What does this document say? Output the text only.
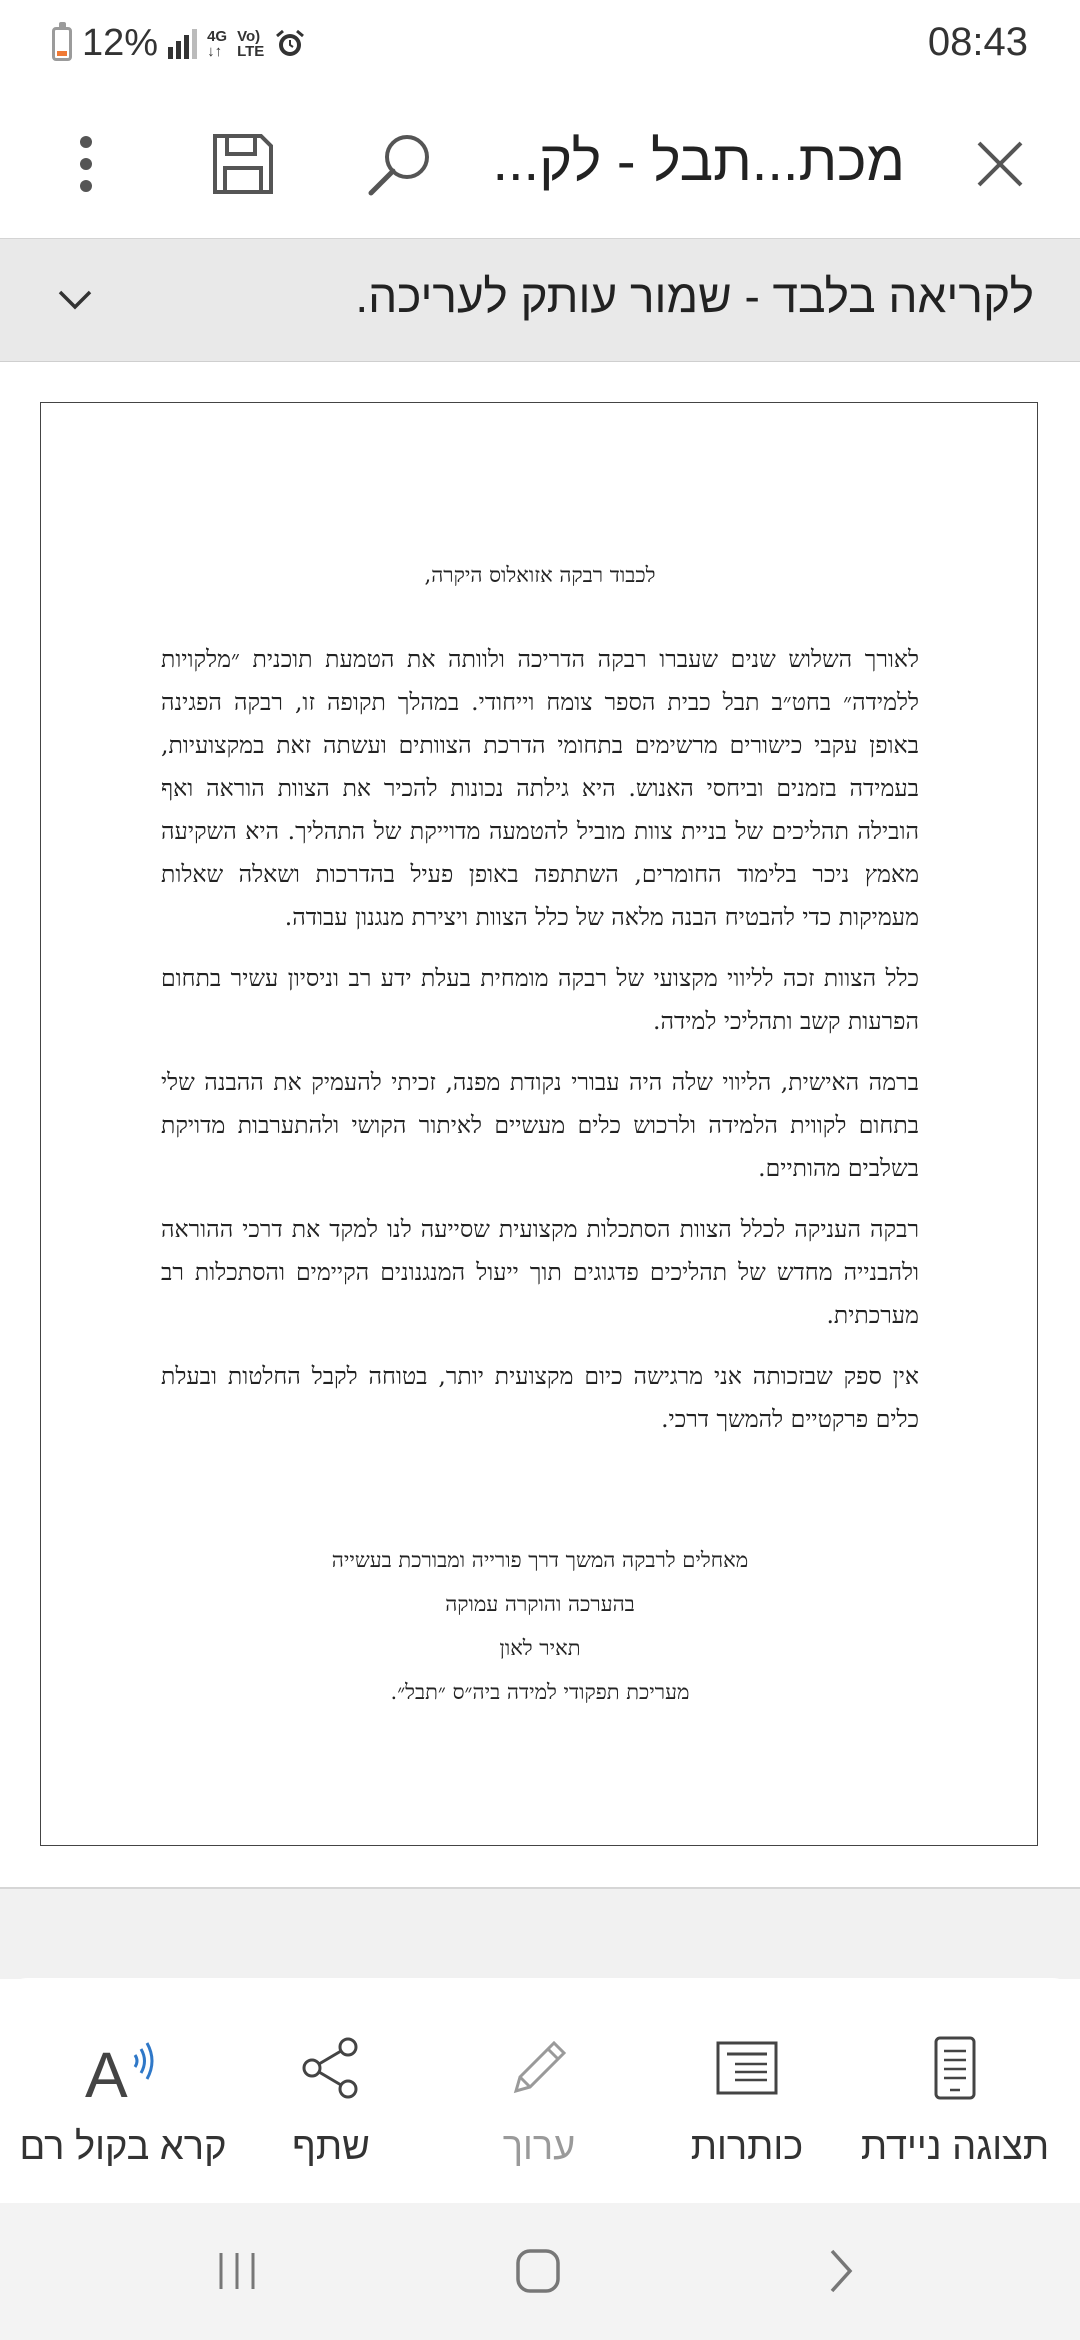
12%	4G
↓↑
Vo)
LTE	08:43
מכת...תבל - לק...
לקריאה בלבד - שמור עותק לעריכה.
לכבוד רבקה אזואלוס היקרה,

לאורך השלוש שנים שעברו רבקה הדריכה ולוותה את הטמעת תוכנית ״מלקויות ללמידה״ בחט״ב תבל כבית הספר צומח וייחודי. במהלך תקופה זו, רבקה הפגינה באופן עקבי כישורים מרשימים בתחומי הדרכת הצוותים ועשתה זאת במקצועיות, בעמידה בזמנים וביחסי האנוש. היא גילתה נכונות להכיר את הצוות הוראה ואף הובילה תהליכים של בניית צוות מוביל להטמעה מדוייקת של התהליך. היא השקיעה מאמץ ניכר בלימוד החומרים, השתתפה באופן פעיל בהדרכות ושאלה שאלות מעמיקות כדי להבטיח הבנה מלאה של כלל הצוות ויצירת מנגנון עבודה.

כלל הצוות זכה לליווי מקצועי של רבקה מומחית בעלת ידע רב וניסיון עשיר בתחום הפרעות קשב ותהליכי למידה.

ברמה האישית, הליווי שלה היה עבורי נקודת מפנה, זכיתי להעמיק את ההבנה שלי בתחום לקווית הלמידה ולרכוש כלים מעשיים לאיתור הקושי ולהתערבות מדויקת בשלבים מהותיים.

רבקה העניקה לכלל הצוות הסתכלות מקצועית שסייעה לנו למקד את דרכי ההוראה ולהבנייה מחדש של תהליכים פדגוגים תוך ייעול המנגנונים הקיימים והסתכלות רב מערכתית.

אין ספק שבזכותה אני מרגישה כיום מקצועית יותר, בטוחה לקבל החלטות ובעלת כלים פרקטיים להמשך דרכי.

מאחלים לרבקה המשך דרך פורייה ומבורכת בעשייה
בהערכה והוקרה עמוקה
תאיר לאון
מעריכת תפקודי למידה ביה״ס ״תבל״.
תצוגה ניידת
כותרות
ערוך
שתף
A
קרא בקול רם
